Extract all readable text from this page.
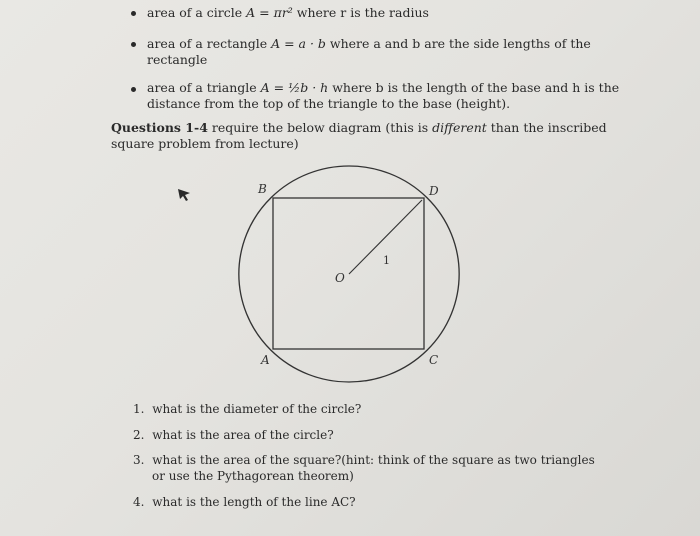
area of a circle A = πr² where r is the radius
area of a rectangle A = a · b where a and b are the side lengths of the
rectangle
area of a triangle A = ½b · h where b is the length of the base and h is the
distance from the top of the triangle to the base (height).
Questions 1-4 require the below diagram (this is different than the inscribed
square problem from lecture)
B	D
A	C
O
1
1. what is the diameter of the circle?
2. what is the area of the circle?
3. what is the area of the square?(hint: think of the square as two triangles
or use the Pythagorean theorem)
4. what is the length of the line AC?
